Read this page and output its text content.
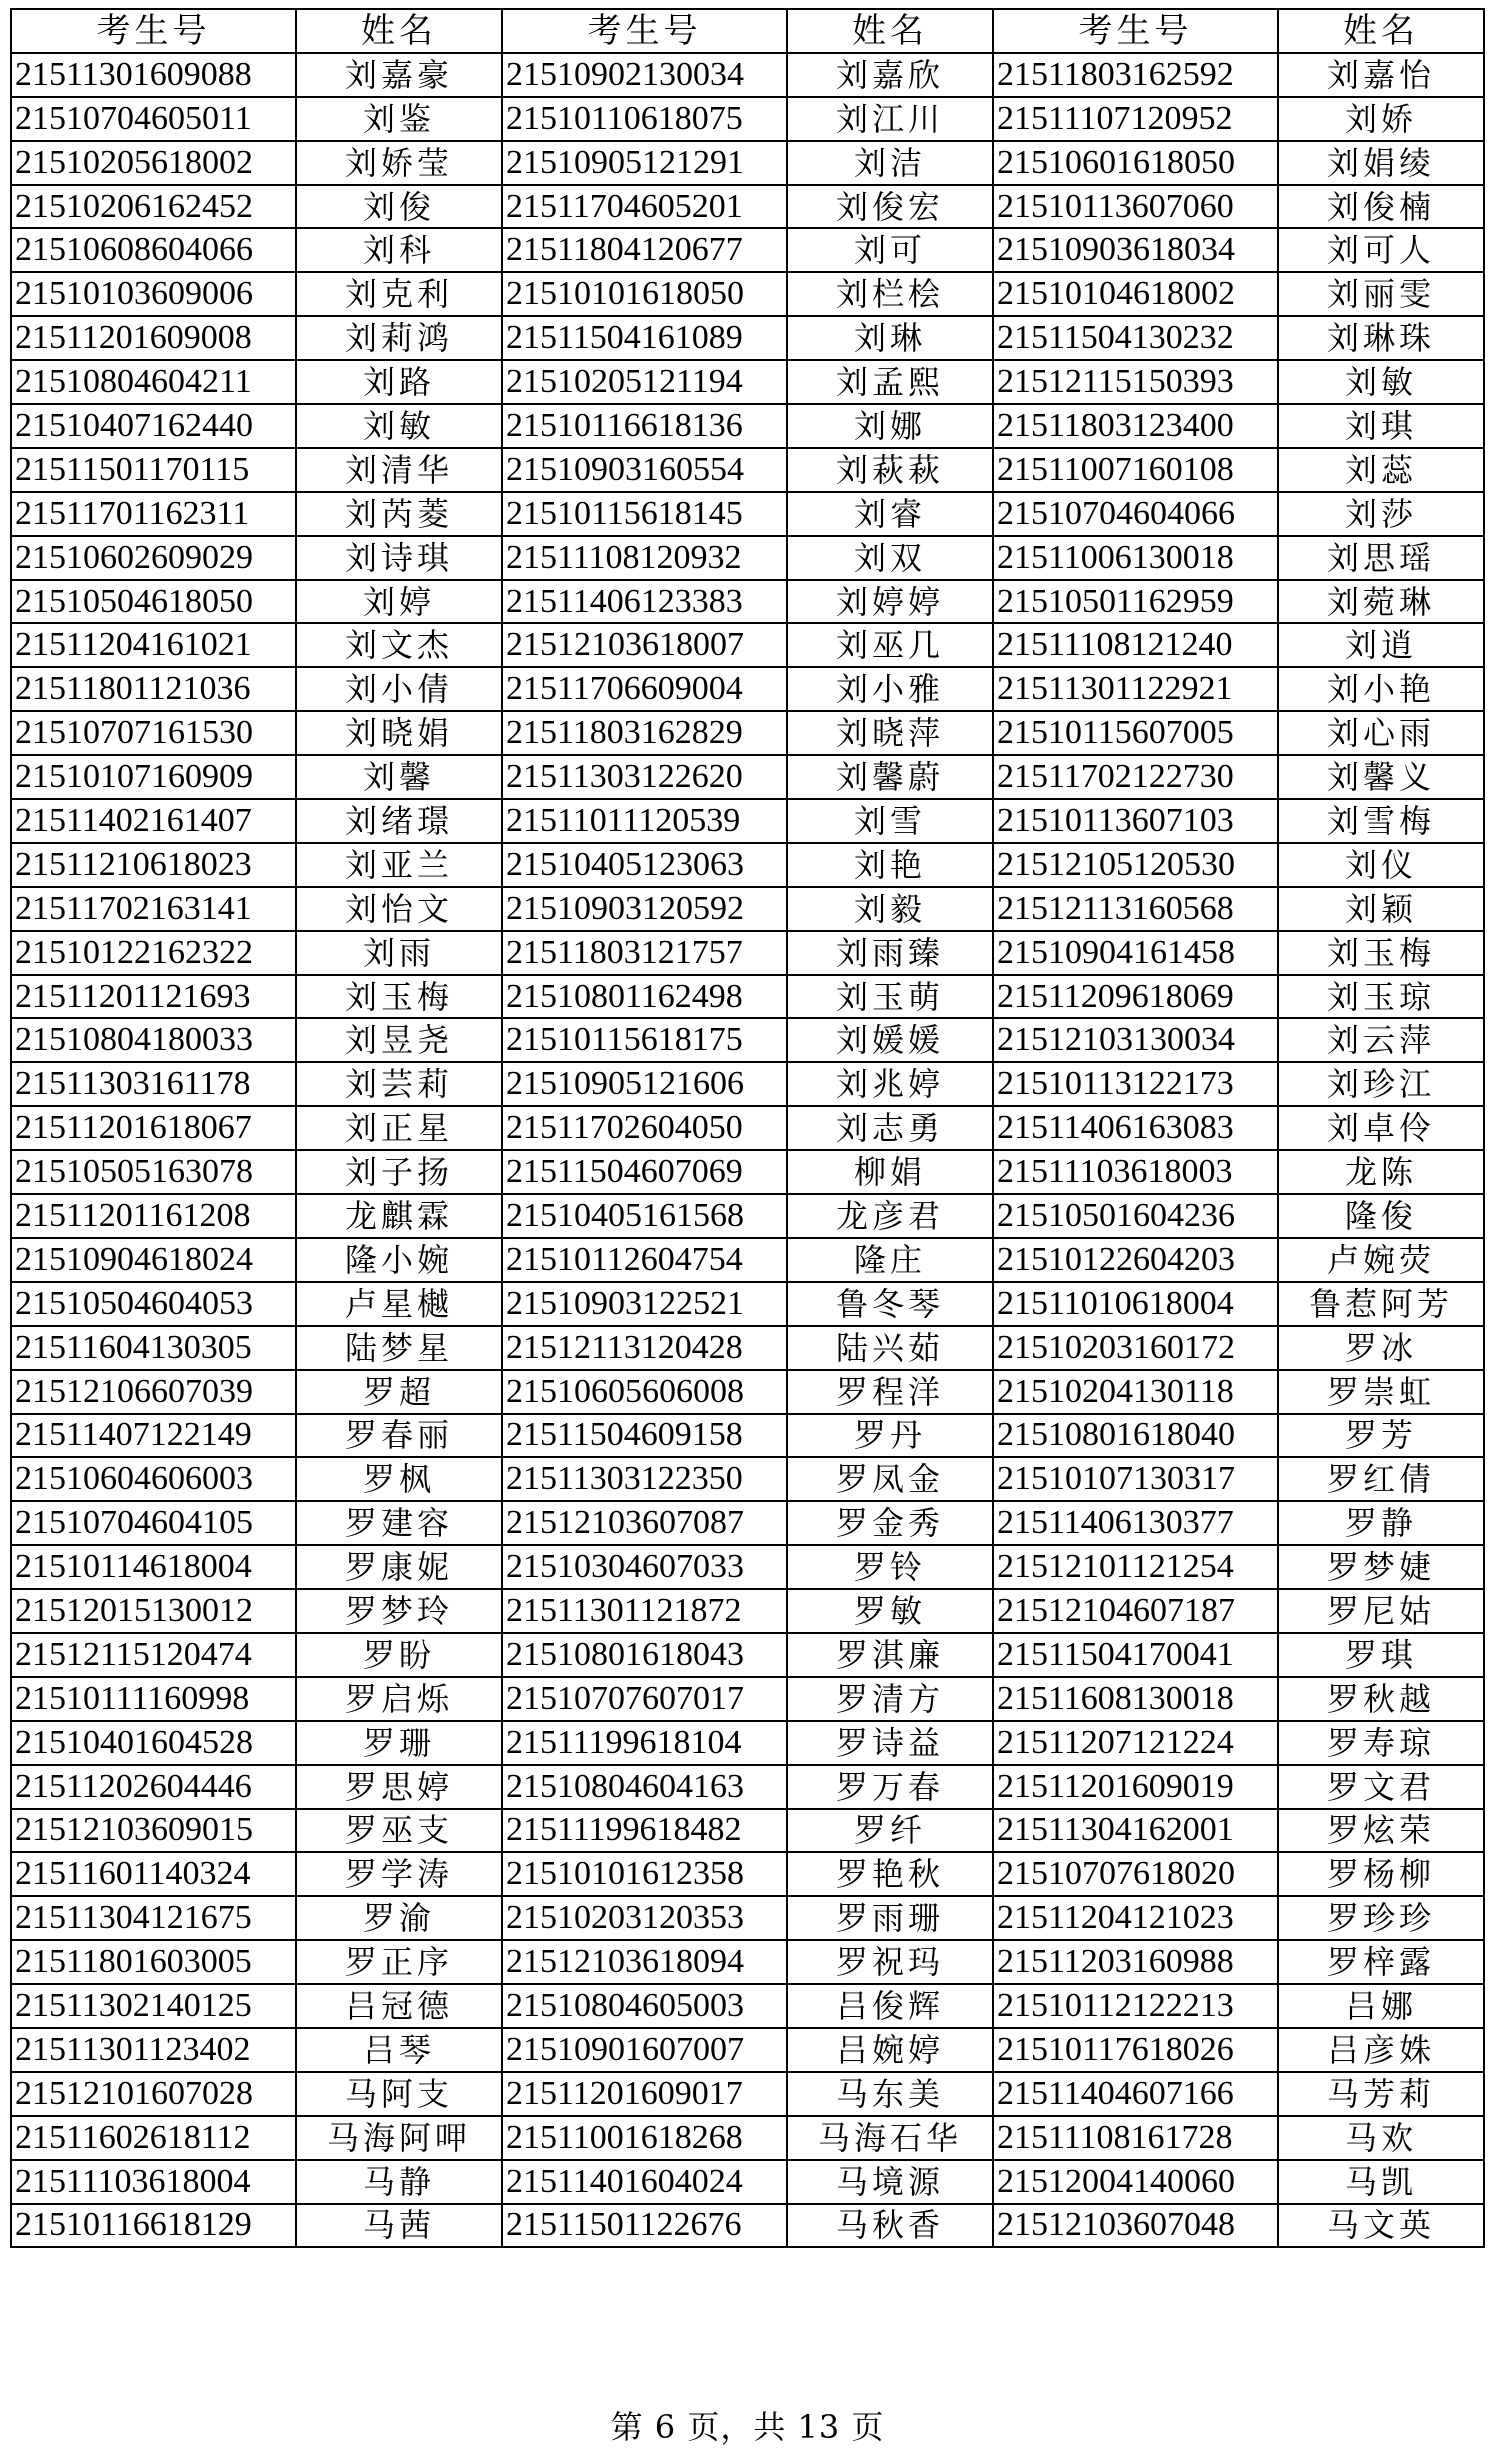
考生号	姓名	考生号	姓名	考生号	姓名
21511301609088	刘嘉豪	21510902130034	刘嘉欣	21511803162592	刘嘉怡
21510704605011	刘鉴	21510110618075	刘江川	21511107120952	刘娇
21510205618002	刘娇莹	21510905121291	刘洁	21510601618050	刘娟绫
21510206162452	刘俊	21511704605201	刘俊宏	21510113607060	刘俊楠
21510608604066	刘科	21511804120677	刘可	21510903618034	刘可人
21510103609006	刘克利	21510101618050	刘栏桧	21510104618002	刘丽雯
21511201609008	刘莉鸿	21511504161089	刘琳	21511504130232	刘琳珠
21510804604211	刘路	21510205121194	刘孟熙	21512115150393	刘敏
21510407162440	刘敏	21510116618136	刘娜	21511803123400	刘琪
21511501170115	刘清华	21510903160554	刘萩萩	21511007160108	刘蕊
21511701162311	刘芮菱	21510115618145	刘睿	21510704604066	刘莎
21510602609029	刘诗琪	21511108120932	刘双	21511006130018	刘思瑶
21510504618050	刘婷	21511406123383	刘婷婷	21510501162959	刘菀琳
21511204161021	刘文杰	21512103618007	刘巫几	21511108121240	刘逍
21511801121036	刘小倩	21511706609004	刘小雅	21511301122921	刘小艳
21510707161530	刘晓娟	21511803162829	刘晓萍	21510115607005	刘心雨
21510107160909	刘馨	21511303122620	刘馨蔚	21511702122730	刘馨义
21511402161407	刘绪璟	21511011120539	刘雪	21510113607103	刘雪梅
21511210618023	刘亚兰	21510405123063	刘艳	21512105120530	刘仪
21511702163141	刘怡文	21510903120592	刘毅	21512113160568	刘颖
21510122162322	刘雨	21511803121757	刘雨臻	21510904161458	刘玉梅
21511201121693	刘玉梅	21510801162498	刘玉萌	21511209618069	刘玉琼
21510804180033	刘昱尧	21510115618175	刘媛媛	21512103130034	刘云萍
21511303161178	刘芸莉	21510905121606	刘兆婷	21510113122173	刘珍江
21511201618067	刘正星	21511702604050	刘志勇	21511406163083	刘卓伶
21510505163078	刘子扬	21511504607069	柳娟	21511103618003	龙陈
21511201161208	龙麒霖	21510405161568	龙彦君	21510501604236	隆俊
21510904618024	隆小婉	21510112604754	隆庄	21510122604203	卢婉荧
21510504604053	卢星樾	21510903122521	鲁冬琴	21511010618004	鲁惹阿芳
21511604130305	陆梦星	21512113120428	陆兴茹	21510203160172	罗冰
21512106607039	罗超	21510605606008	罗程洋	21510204130118	罗崇虹
21511407122149	罗春丽	21511504609158	罗丹	21510801618040	罗芳
21510604606003	罗枫	21511303122350	罗凤金	21510107130317	罗红倩
21510704604105	罗建容	21512103607087	罗金秀	21511406130377	罗静
21510114618004	罗康妮	21510304607033	罗铃	21512101121254	罗梦婕
21512015130012	罗梦玲	21511301121872	罗敏	21512104607187	罗尼姑
21512115120474	罗盼	21510801618043	罗淇廉	21511504170041	罗琪
21510111160998	罗启烁	21510707607017	罗清方	21511608130018	罗秋越
21510401604528	罗珊	21511199618104	罗诗益	21511207121224	罗寿琼
21511202604446	罗思婷	21510804604163	罗万春	21511201609019	罗文君
21512103609015	罗巫支	21511199618482	罗纤	21511304162001	罗炫荣
21511601140324	罗学涛	21510101612358	罗艳秋	21510707618020	罗杨柳
21511304121675	罗渝	21510203120353	罗雨珊	21511204121023	罗珍珍
21511801603005	罗正序	21512103618094	罗祝玛	21511203160988	罗梓露
21511302140125	吕冠德	21510804605003	吕俊辉	21510112122213	吕娜
21511301123402	吕琴	21510901607007	吕婉婷	21510117618026	吕彦姝
21512101607028	马阿支	21511201609017	马东美	21511404607166	马芳莉
21511602618112	马海阿呷	21511001618268	马海石华	21511108161728	马欢
21511103618004	马静	21511401604024	马境源	21512004140060	马凯
21510116618129	马茜	21511501122676	马秋香	21512103607048	马文英
第 6 页，共 13 页
